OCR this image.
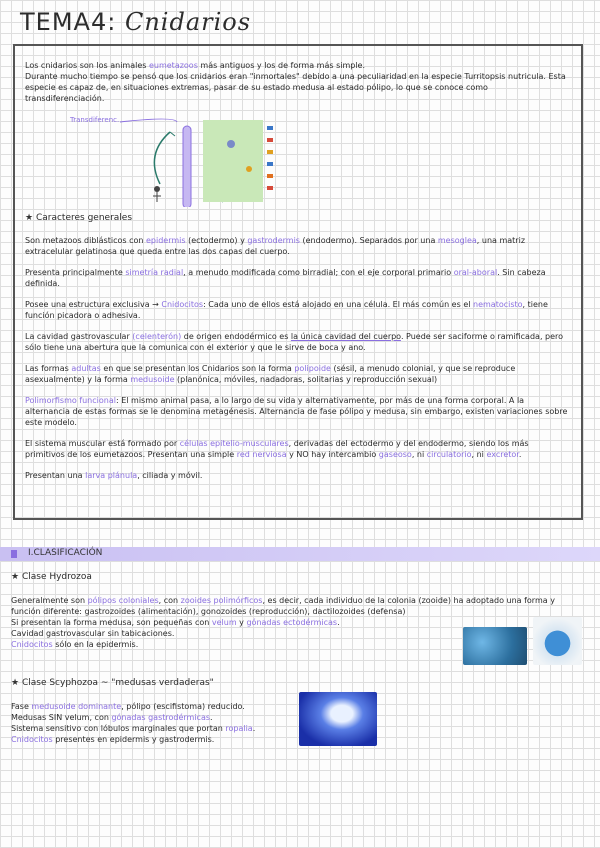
TEMA4: Cnidarios

Los cnidarios son los animales eumetazoos más antiguos y los de forma más simple.
Durante mucho tiempo se pensó que los cnidarios eran "inmortales" debido a una peculiaridad en la especie Turritopsis nutricula. Esta especie es capaz de, en situaciones extremas, pasar de su estado medusa al estado pólipo, lo que se conoce como transdiferenciación.

Transdiferenc.

★ Caracteres generales

Son metazoos diblásticos con epidermis (ectodermo) y gastrodermis (endodermo). Separados por una mesoglea, una matriz extracelular gelatinosa que queda entre las dos capas del cuerpo.

Presenta principalmente simetría radial, a menudo modificada como birradial; con el eje corporal primario oral-aboral. Sin cabeza definida.

Posee una estructura exclusiva → Cnidocitos: Cada uno de ellos está alojado en una célula. El más común es el nematocisto, tiene función picadora o adhesiva.

La cavidad gastrovascular (celenterón) de origen endodérmico es la única cavidad del cuerpo. Puede ser saciforme o ramificada, pero sólo tiene una abertura que la comunica con el exterior y que le sirve de boca y ano.

Las formas adultas en que se presentan los Cnidarios son la forma polipoide (sésil, a menudo colonial, y que se reproduce asexualmente) y la forma medusoide (planónica, móviles, nadadoras, solitarias y reproducción sexual)

Polimorfismo funcional: El mismo animal pasa, a lo largo de su vida y alternativamente, por más de una forma corporal. A la alternancia de estas formas se le denomina metagénesis. Alternancia de fase pólipo y medusa, sin embargo, existen variaciones sobre este modelo.

El sistema muscular está formado por células epitelio-musculares, derivadas del ectodermo y del endodermo, siendo los más primitivos de los eumetazoos. Presentan una simple red nerviosa y NO hay intercambio gaseoso, ni circulatorio, ni excretor.

Presentan una larva plánula, ciliada y móvil.

I.CLASIFICACIÓN

★ Clase Hydrozoa

Generalmente son pólipos coloniales, con zooides polimórficos, es decir, cada individuo de la colonia (zooide) ha adoptado una forma y función diferente: gastrozoides (alimentación), gonozoides (reproducción), dactilozoides (defensa)

Si presentan la forma medusa, son pequeñas con velum y gónadas ectodérmicas.

Cavidad gastrovascular sin tabicaciones.

Cnidocitos sólo en la epidermis.

★ Clase Scyphozoa ~ "medusas verdaderas"

Fase medusoide dominante, pólipo (escifistoma) reducido.

Medusas SIN velum, con gónadas gastrodérmicas.

Sistema sensitivo con lóbulos marginales que portan ropalia.

Cnidocitos presentes en epidermis y gastrodermis.
